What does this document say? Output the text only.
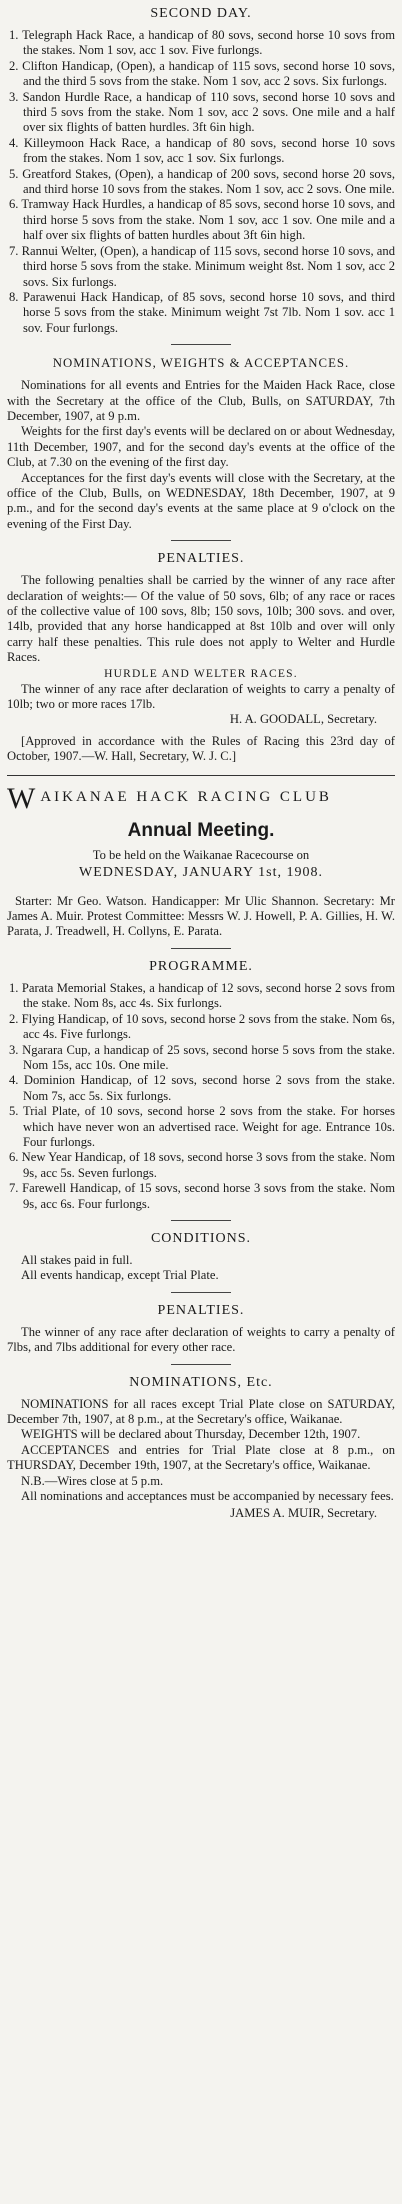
SECOND DAY.
1. Telegraph Hack Race, a handicap of 80 sovs, second horse 10 sovs from the stakes. Nom 1 sov, acc 1 sov. Five furlongs.
2. Clifton Handicap, (Open), a handicap of 115 sovs, second horse 10 sovs, and the third 5 sovs from the stake. Nom 1 sov, acc 2 sovs. Six furlongs.
3. Sandon Hurdle Race, a handicap of 110 sovs, second horse 10 sovs and third 5 sovs from the stake. Nom 1 sov, acc 2 sovs. One mile and a half over six flights of batten hurdles. 3ft 6in high.
4. Killeymoon Hack Race, a handicap of 80 sovs, second horse 10 sovs from the stakes. Nom 1 sov, acc 1 sov. Six furlongs.
5. Greatford Stakes, (Open), a handicap of 200 sovs, second horse 20 sovs, and third horse 10 sovs from the stakes. Nom 1 sov, acc 2 sovs. One mile.
6. Tramway Hack Hurdles, a handicap of 85 sovs, second horse 10 sovs, and third horse 5 sovs from the stake. Nom 1 sov, acc 1 sov. One mile and a half over six flights of batten hurdles about 3ft 6in high.
7. Rannui Welter, (Open), a handicap of 115 sovs, second horse 10 sovs, and third horse 5 sovs from the stake. Minimum weight 8st. Nom 1 sov, acc 2 sovs. Six furlongs.
8. Parawenui Hack Handicap, of 85 sovs, second horse 10 sovs, and third horse 5 sovs from the stake. Minimum weight 7st 7lb. Nom 1 sov. acc 1 sov. Four furlongs.
NOMINATIONS, WEIGHTS & ACCEPTANCES.

Nominations for all events and Entries for the Maiden Hack Race, close with the Secretary at the office of the Club, Bulls, on SATURDAY, 7th December, 1907, at 9 p.m.

Weights for the first day's events will be declared on or about Wednesday, 11th December, 1907, and for the second day's events at the office of the Club, at 7.30 on the evening of the first day.

Acceptances for the first day's events will close with the Secretary, at the office of the Club, Bulls, on WEDNESDAY, 18th December, 1907, at 9 p.m., and for the second day's events at the same place at 9 o'clock on the evening of the First Day.

PENALTIES.

The following penalties shall be carried by the winner of any race after declaration of weights:— Of the value of 50 sovs, 6lb; of any race or races of the collective value of 100 sovs, 8lb; 150 sovs, 10lb; 300 sovs. and over, 14lb, provided that any horse handicapped at 8st 10lb and over will only carry half these penalties. This rule does not apply to Welter and Hurdle Races.

HURDLE AND WELTER RACES.

The winner of any race after declaration of weights to carry a penalty of 10lb; two or more races 17lb.

H. A. GOODALL, Secretary.

[Approved in accordance with the Rules of Racing this 23rd day of October, 1907.—W. Hall, Secretary, W. J. C.]

W AIKANAE HACK RACING CLUB
Annual Meeting.
To be held on the Waikanae Racecourse on
WEDNESDAY, JANUARY 1st, 1908.

Starter: Mr Geo. Watson. Handicapper: Mr Ulic Shannon. Secretary: Mr James A. Muir. Protest Committee: Messrs W. J. Howell, P. A. Gillies, H. W. Parata, J. Treadwell, H. Collyns, E. Parata.

PROGRAMME.
1. Parata Memorial Stakes, a handicap of 12 sovs, second horse 2 sovs from the stake. Nom 8s, acc 4s. Six furlongs.
2. Flying Handicap, of 10 sovs, second horse 2 sovs from the stake. Nom 6s, acc 4s. Five furlongs.
3. Ngarara Cup, a handicap of 25 sovs, second horse 5 sovs from the stake. Nom 15s, acc 10s. One mile.
4. Dominion Handicap, of 12 sovs, second horse 2 sovs from the stake. Nom 7s, acc 5s. Six furlongs.
5. Trial Plate, of 10 sovs, second horse 2 sovs from the stake. For horses which have never won an advertised race. Weight for age. Entrance 10s. Four furlongs.
6. New Year Handicap, of 18 sovs, second horse 3 sovs from the stake. Nom 9s, acc 5s. Seven furlongs.
7. Farewell Handicap, of 15 sovs, second horse 3 sovs from the stake. Nom 9s, acc 6s. Four furlongs.
CONDITIONS.

All stakes paid in full.

All events handicap, except Trial Plate.

PENALTIES.

The winner of any race after declaration of weights to carry a penalty of 7lbs, and 7lbs additional for every other race.

NOMINATIONS, Etc.

NOMINATIONS for all races except Trial Plate close on SATURDAY, December 7th, 1907, at 8 p.m., at the Secretary's office, Waikanae.

WEIGHTS will be declared about Thursday, December 12th, 1907.

ACCEPTANCES and entries for Trial Plate close at 8 p.m., on THURSDAY, December 19th, 1907, at the Secretary's office, Waikanae.

N.B.—Wires close at 5 p.m.

All nominations and acceptances must be accompanied by necessary fees.

JAMES A. MUIR, Secretary.
